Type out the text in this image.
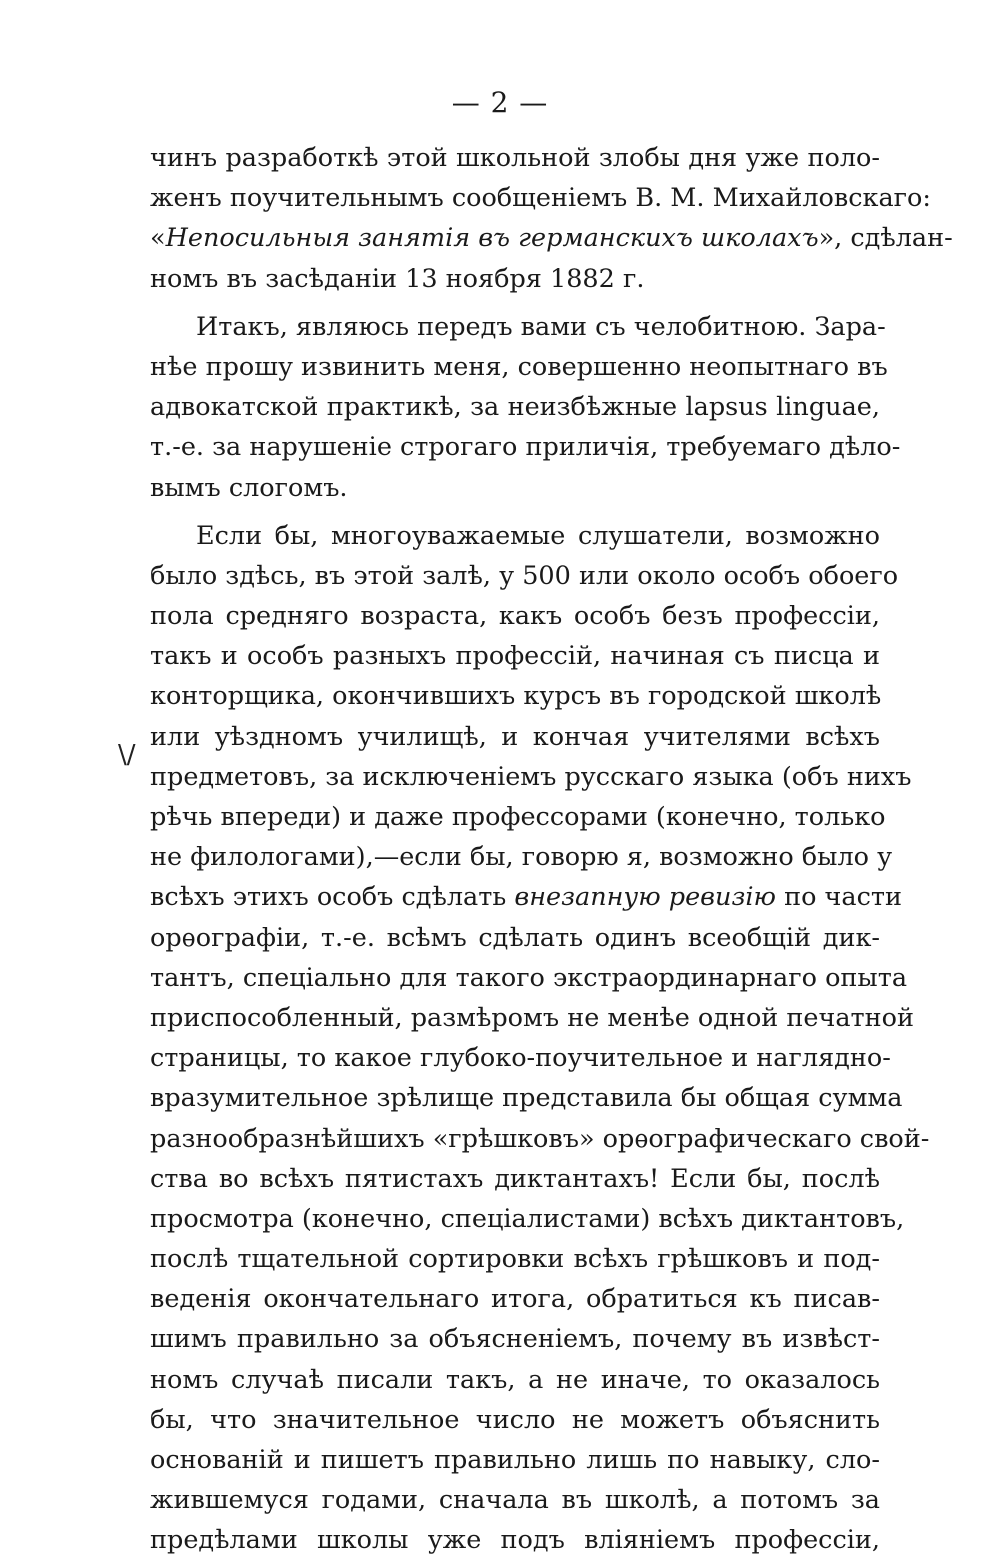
— 2 —
\/
чинъ разработкѣ этой школьной злобы дня уже поло-
женъ поучительнымъ сообщеніемъ В. М. Михайловскаго:
«Непосильныя занятія въ германскихъ школахъ», сдѣлан-
номъ въ засѣданіи 13 ноября 1882 г.
Итакъ, являюсь передъ вами съ челобитною. Зара-
нѣе прошу извинить меня, совершенно неопытнаго въ
адвокатской практикѣ, за неизбѣжные lapsus linguae,
т.-е. за нарушеніе строгаго приличія, требуемаго дѣло-
вымъ слогомъ.
Если бы, многоуважаемые слушатели, возможно
было здѣсь, въ этой залѣ, у 500 или около особъ обоего
пола средняго возраста, какъ особъ безъ профессіи,
такъ и особъ разныхъ профессій, начиная съ писца и
конторщика, окончившихъ курсъ въ городской школѣ
или уѣздномъ училищѣ, и кончая учителями всѣхъ
предметовъ, за исключеніемъ русскаго языка (объ нихъ
рѣчь впереди) и даже профессорами (конечно, только
не филологами),—если бы, говорю я, возможно было у
всѣхъ этихъ особъ сдѣлать внезапную ревизію по части
орѳографіи, т.-е. всѣмъ сдѣлать одинъ всеобщій дик-
тантъ, спеціально для такого экстраординарнаго опыта
приспособленный, размѣромъ не менѣе одной печатной
страницы, то какое глубоко-поучительное и наглядно-
вразумительное зрѣлище представила бы общая сумма
разнообразнѣйшихъ «грѣшковъ» орѳографическаго свой-
ства во всѣхъ пятистахъ диктантахъ! Если бы, послѣ
просмотра (конечно, спеціалистами) всѣхъ диктантовъ,
послѣ тщательной сортировки всѣхъ грѣшковъ и под-
веденія окончательнаго итога, обратиться къ писав-
шимъ правильно за объясненіемъ, почему въ извѣст-
номъ случаѣ писали такъ, а не иначе, то оказалось
бы, что значительное число не можетъ объяснить
основаній и пишетъ правильно лишь по навыку, сло-
жившемуся годами, сначала въ школѣ, а потомъ за
предѣлами школы уже подъ вліяніемъ профессіи,
